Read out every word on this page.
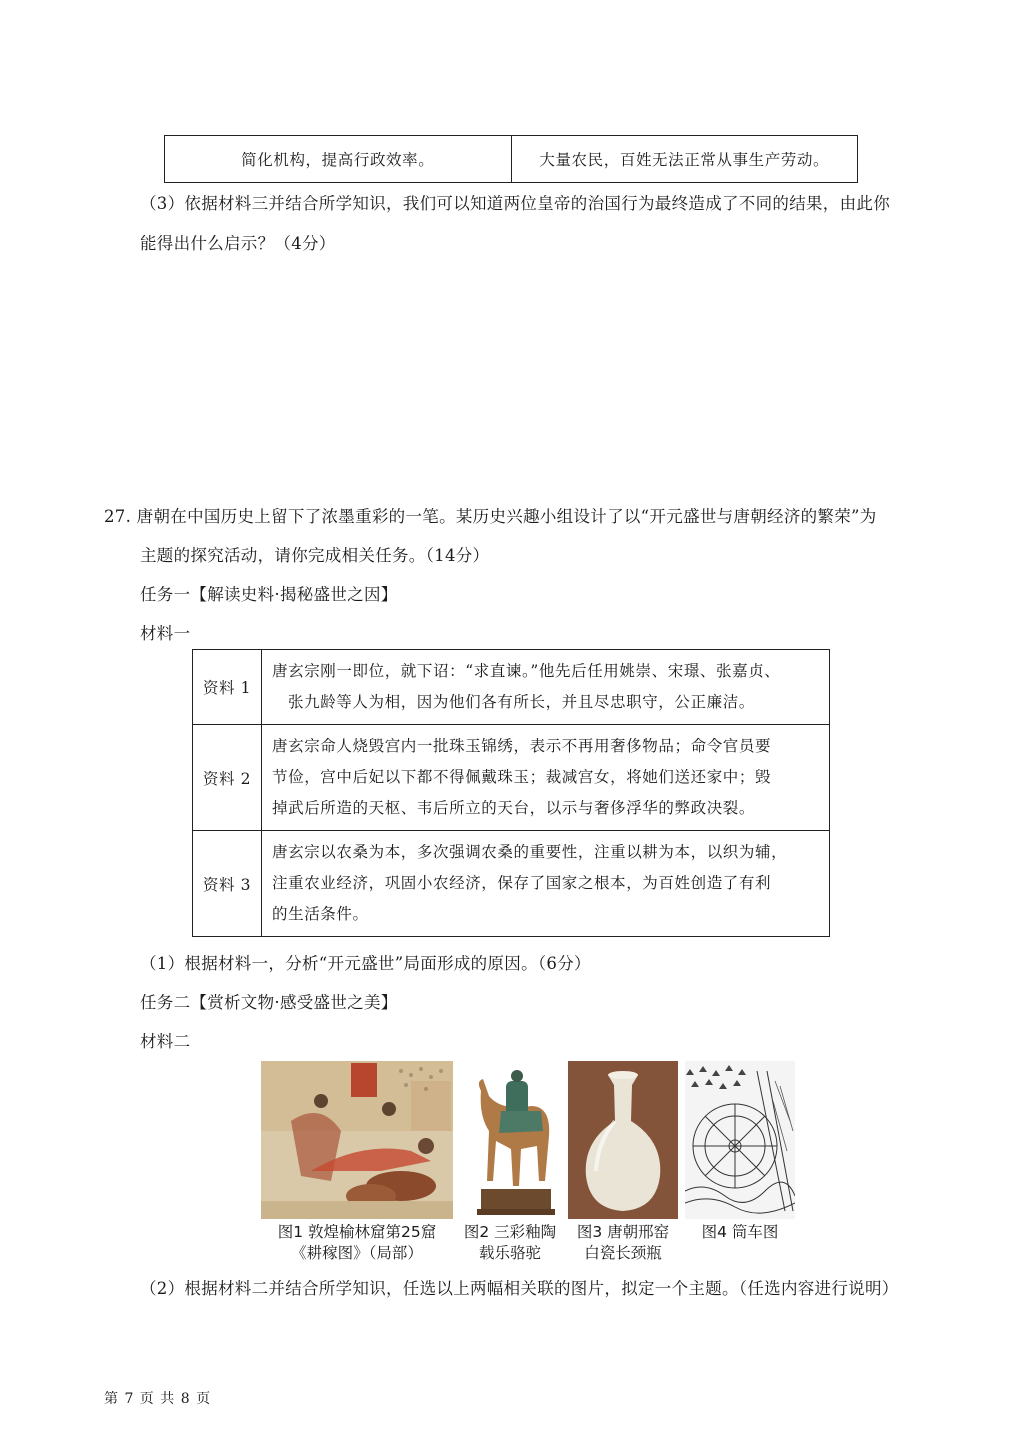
简化机构，提高行政效率。	大量农民，百姓无法正常从事生产劳动。
（3）依据材料三并结合所学知识，我们可以知道两位皇帝的治国行为最终造成了不同的结果，由此你
能得出什么启示？（4分）
27. 唐朝在中国历史上留下了浓墨重彩的一笔。某历史兴趣小组设计了以“开元盛世与唐朝经济的繁荣”为
主题的探究活动，请你完成相关任务。（14分）
任务一【解读史料·揭秘盛世之因】
材料一
资料 1	唐玄宗刚一即位，就下诏：“求直谏。”他先后任用姚崇、宋璟、张嘉贞、
张九龄等人为相，因为他们各有所长，并且尽忠职守，公正廉洁。

资料 2	唐玄宗命人烧毁宫内一批珠玉锦绣，表示不再用奢侈物品；命令官员要
节俭，宫中后妃以下都不得佩戴珠玉；裁减宫女，将她们送还家中；毁
掉武后所造的天枢、韦后所立的天台，以示与奢侈浮华的弊政决裂。

资料 3	唐玄宗以农桑为本，多次强调农桑的重要性，注重以耕为本，以织为辅，
注重农业经济，巩固小农经济，保存了国家之根本，为百姓创造了有利
的生活条件。
（1）根据材料一，分析“开元盛世”局面形成的原因。（6分）
任务二【赏析文物·感受盛世之美】
材料二
图1 敦煌榆林窟第25窟
《耕稼图》（局部）
图2 三彩釉陶
载乐骆驼
图3 唐朝邢窑
白瓷长颈瓶
图4 筒车图
（2）根据材料二并结合所学知识，任选以上两幅相关联的图片，拟定一个主题。（任选内容进行说明）
第 7 页 共 8 页
